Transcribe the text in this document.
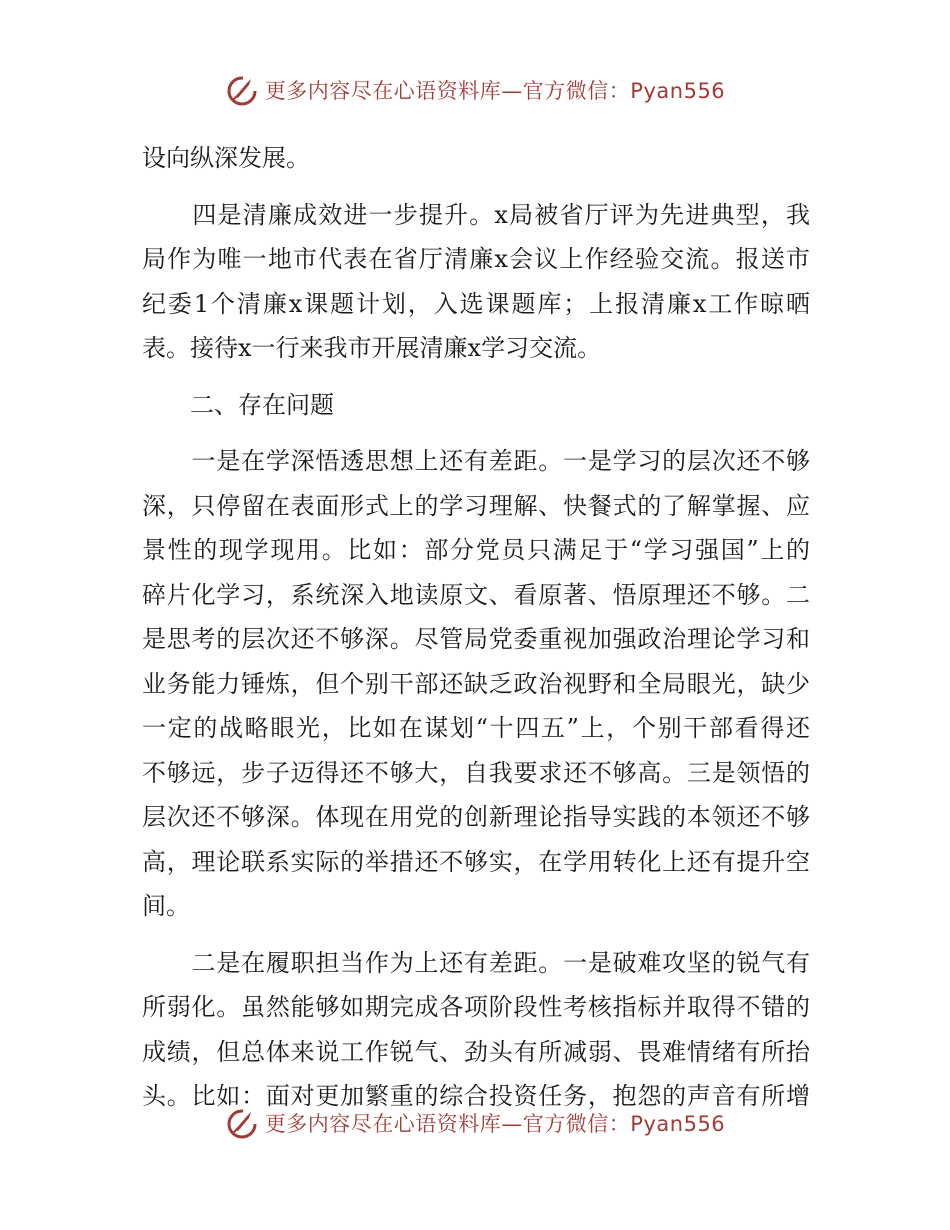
更多内容尽在心语资料库—官方微信：Pyan556
设向纵深发展。
　　四是清廉成效进一步提升。x局被省厅评为先进典型，我
局作为唯一地市代表在省厅清廉x会议上作经验交流。报送市
纪委1个清廉x课题计划，入选课题库；上报清廉x工作晾晒
表。接待x一行来我市开展清廉x学习交流。
　　二、存在问题
　　一是在学深悟透思想上还有差距。一是学习的层次还不够
深，只停留在表面形式上的学习理解、快餐式的了解掌握、应
景性的现学现用。比如：部分党员只满足于“学习强国”上的
碎片化学习，系统深入地读原文、看原著、悟原理还不够。二
是思考的层次还不够深。尽管局党委重视加强政治理论学习和
业务能力锤炼，但个别干部还缺乏政治视野和全局眼光，缺少
一定的战略眼光，比如在谋划“十四五”上，个别干部看得还
不够远，步子迈得还不够大，自我要求还不够高。三是领悟的
层次还不够深。体现在用党的创新理论指导实践的本领还不够
高，理论联系实际的举措还不够实，在学用转化上还有提升空
间。
　　二是在履职担当作为上还有差距。一是破难攻坚的锐气有
所弱化。虽然能够如期完成各项阶段性考核指标并取得不错的
成绩，但总体来说工作锐气、劲头有所减弱、畏难情绪有所抬
头。比如：面对更加繁重的综合投资任务，抱怨的声音有所增
更多内容尽在心语资料库—官方微信：Pyan556
